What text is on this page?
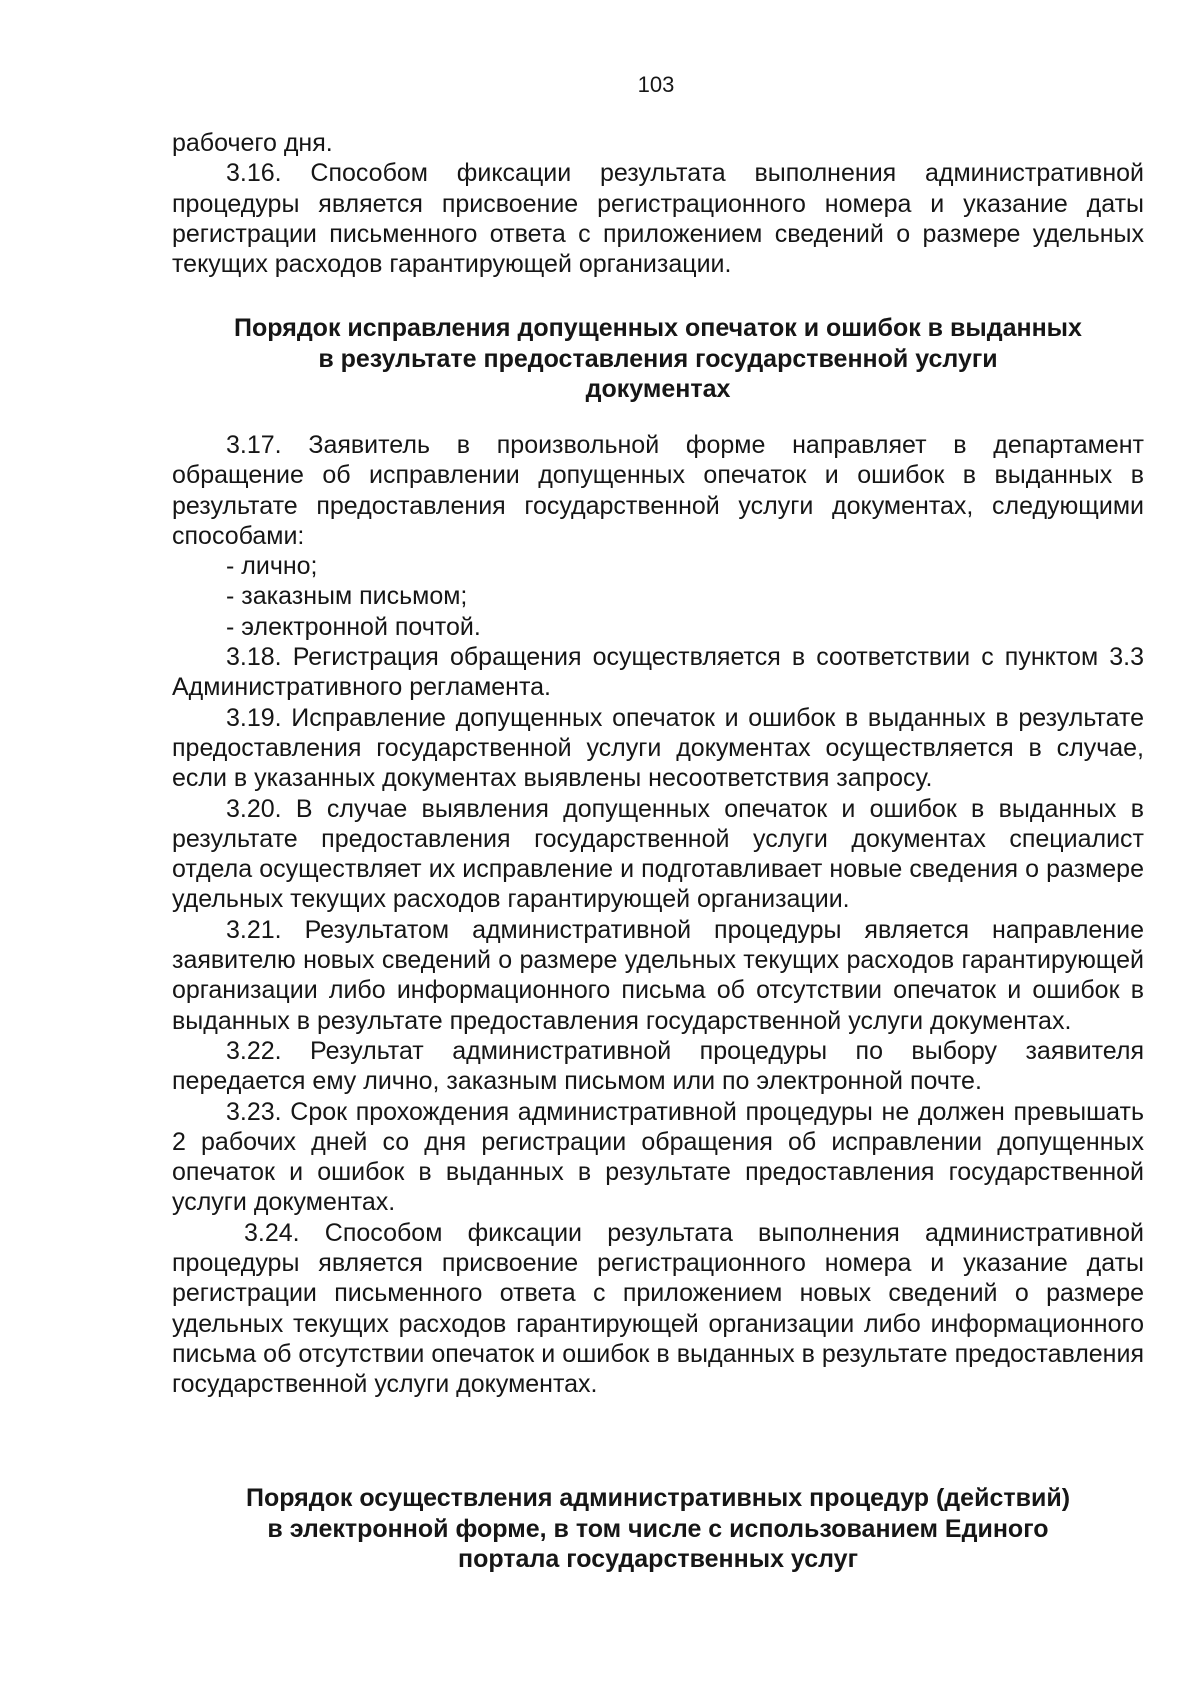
103

рабочего дня.

3.16. Способом фиксации результата выполнения административной процедуры является присвоение регистрационного номера и указание даты регистрации письменного ответа с приложением сведений о размере удельных текущих расходов гарантирующей организации.

Порядок исправления допущенных опечаток и ошибок в выданных
в результате предоставления государственной услуги
документах

3.17. Заявитель в произвольной форме направляет в департамент обращение об исправлении допущенных опечаток и ошибок в выданных в результате предоставления государственной услуги документах, следующими способами:

- лично;

- заказным письмом;

- электронной почтой.

3.18. Регистрация обращения осуществляется в соответствии с пунктом 3.3 Административного регламента.

3.19. Исправление допущенных опечаток и ошибок в выданных в результате предоставления государственной услуги документах осуществляется в случае, если в указанных документах выявлены несоответствия запросу.

3.20. В случае выявления допущенных опечаток и ошибок в выданных в результате предоставления государственной услуги документах специалист отдела осуществляет их исправление и подготавливает новые сведения о размере удельных текущих расходов гарантирующей организации.

3.21. Результатом административной процедуры является направление заявителю новых сведений о размере удельных текущих расходов гарантирующей организации либо информационного письма об отсутствии опечаток и ошибок в выданных в результате предоставления государственной услуги документах.

3.22. Результат административной процедуры по выбору заявителя передается ему лично, заказным письмом или по электронной почте.

3.23. Срок прохождения административной процедуры не должен превышать 2 рабочих дней со дня регистрации обращения об исправлении допущенных опечаток и ошибок в выданных в результате предоставления государственной услуги документах.

3.24. Способом фиксации результата выполнения административной процедуры является присвоение регистрационного номера и указание даты регистрации письменного ответа с приложением новых сведений о размере удельных текущих расходов гарантирующей организации либо информационного письма об отсутствии опечаток и ошибок в выданных в результате предоставления государственной услуги документах.

Порядок осуществления административных процедур (действий)
в электронной форме, в том числе с использованием Единого
портала государственных услуг
